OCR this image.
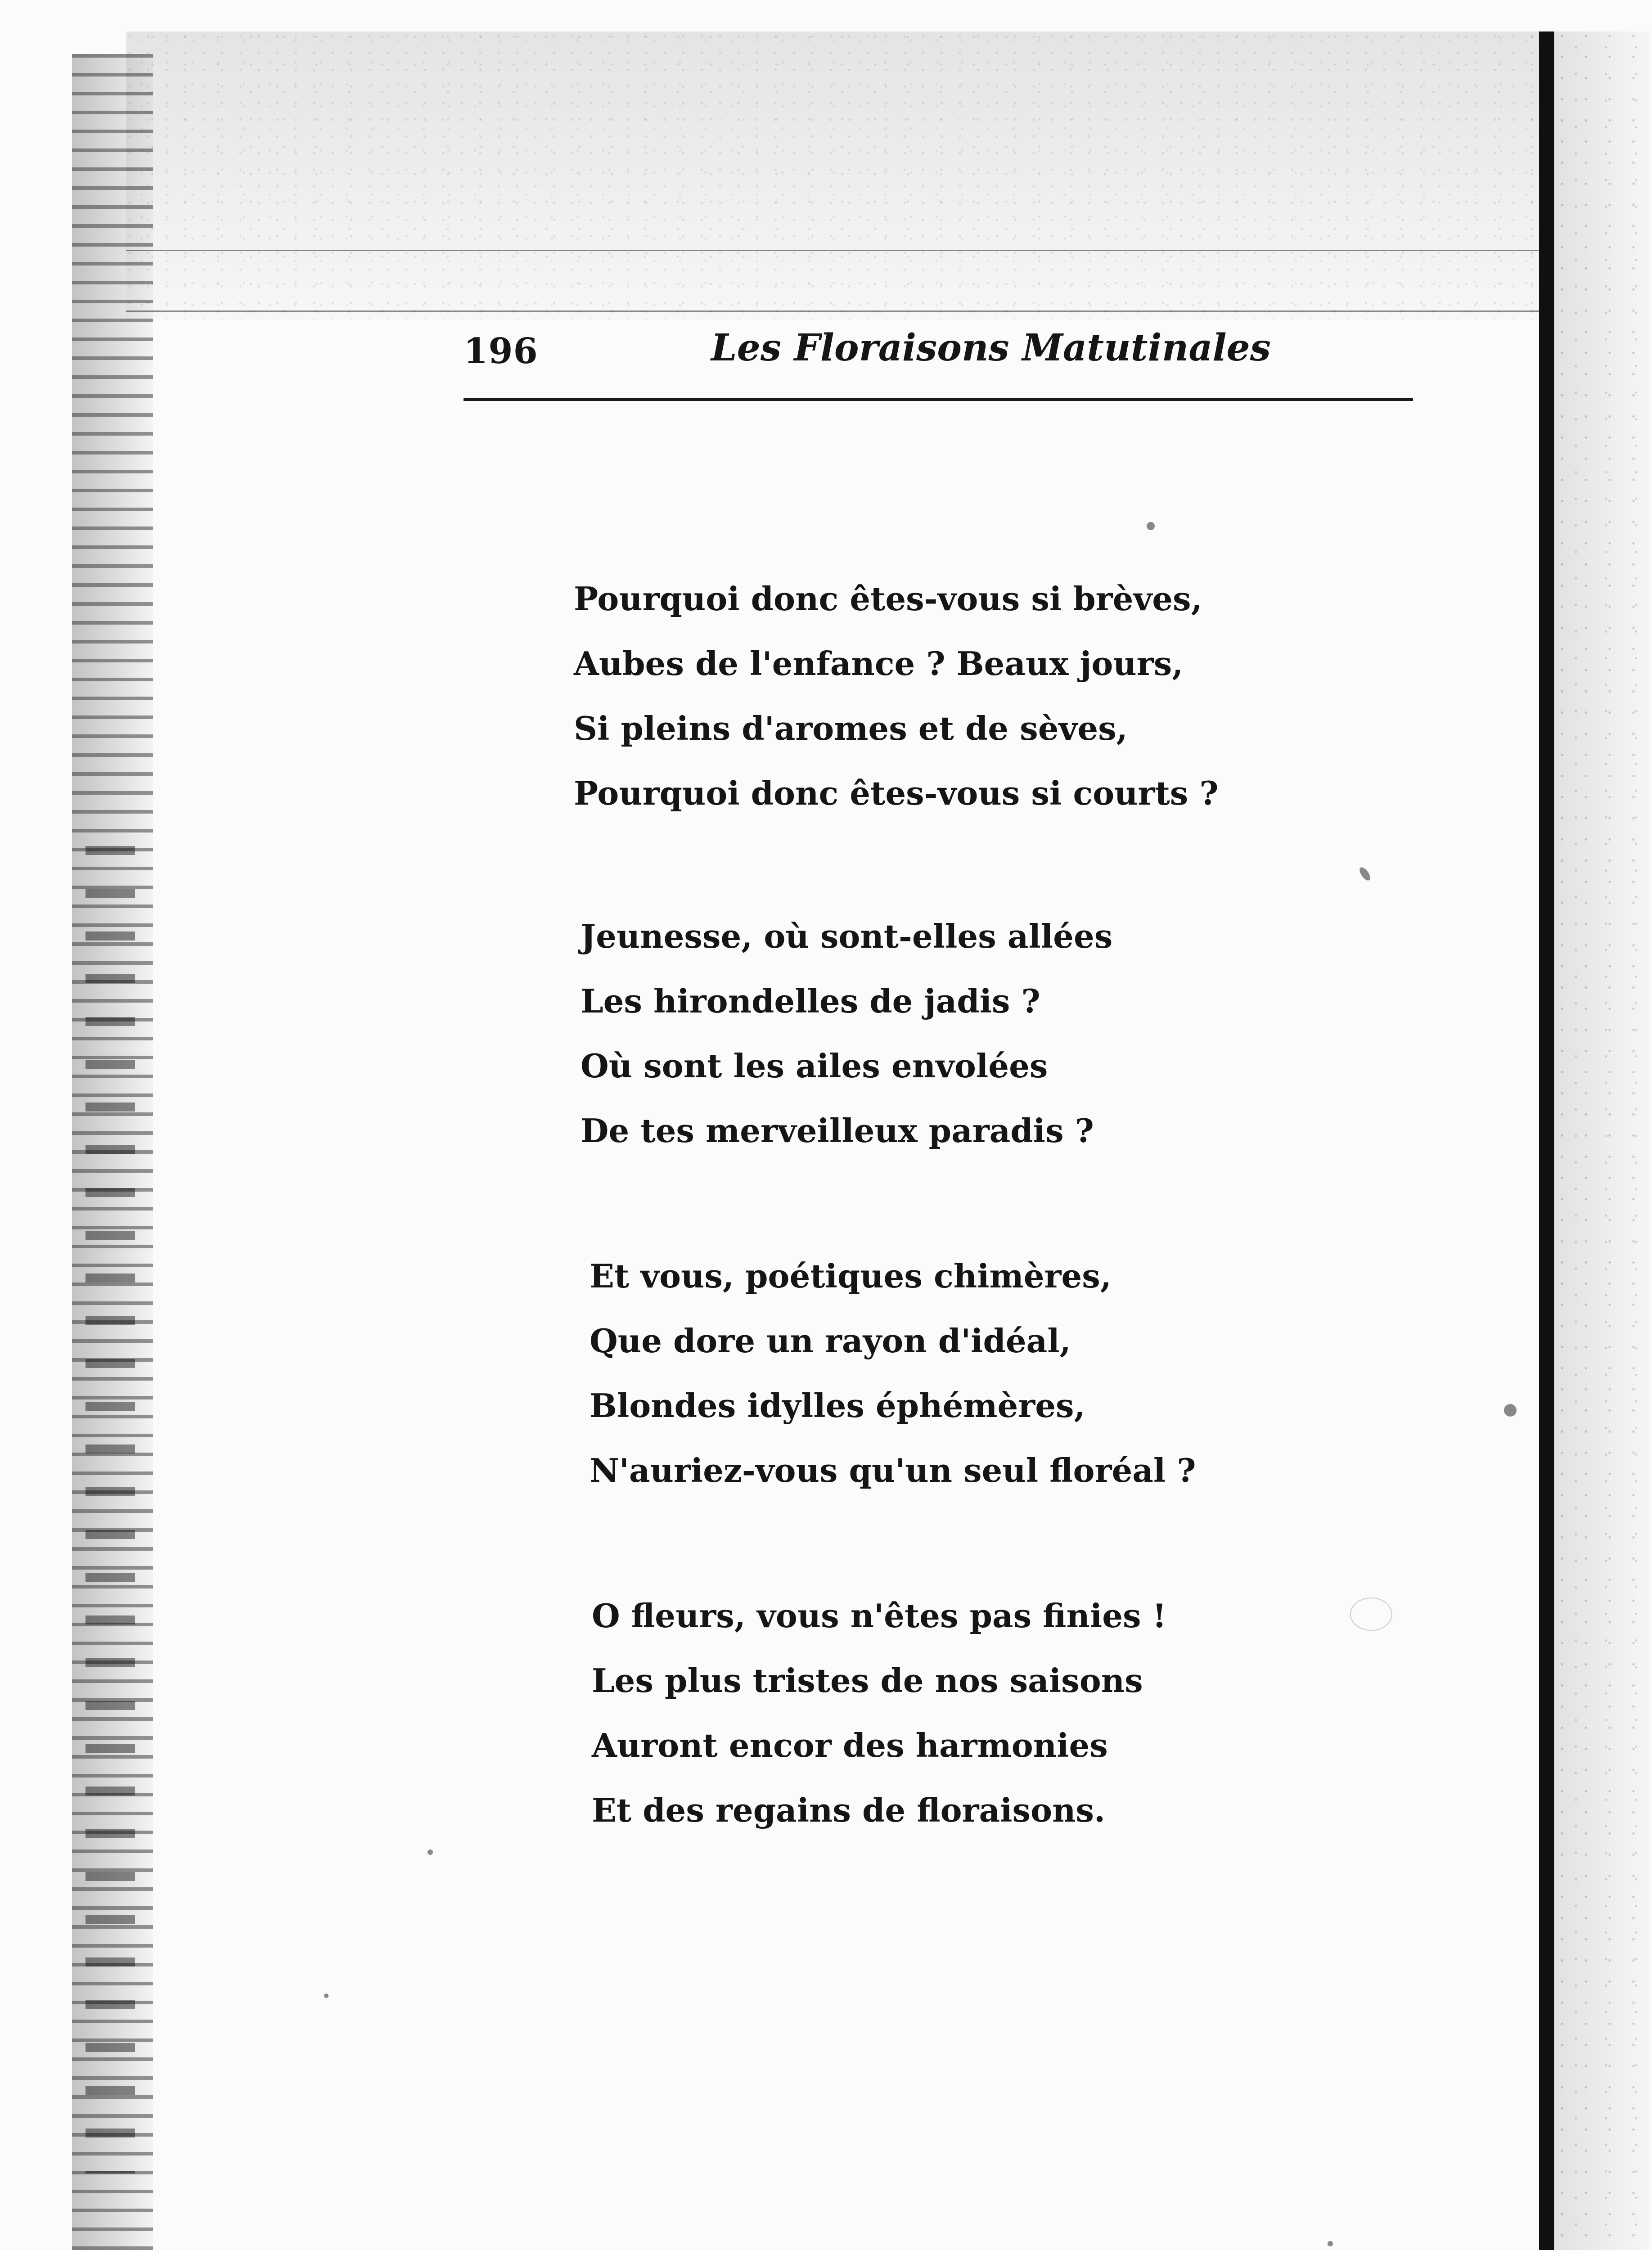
196	Les Floraisons Matutinales
Pourquoi donc êtes-vous si brèves,
Aubes de l'enfance ? Beaux jours,
Si pleins d'aromes et de sèves,
Pourquoi donc êtes-vous si courts ?
Jeunesse, où sont-elles allées
Les hirondelles de jadis ?
Où sont les ailes envolées
De tes merveilleux paradis ?
Et vous, poétiques chimères,
Que dore un rayon d'idéal,
Blondes idylles éphémères,
N'auriez-vous qu'un seul floréal ?
O fleurs, vous n'êtes pas finies !
Les plus tristes de nos saisons
Auront encor des harmonies
Et des regains de floraisons.
